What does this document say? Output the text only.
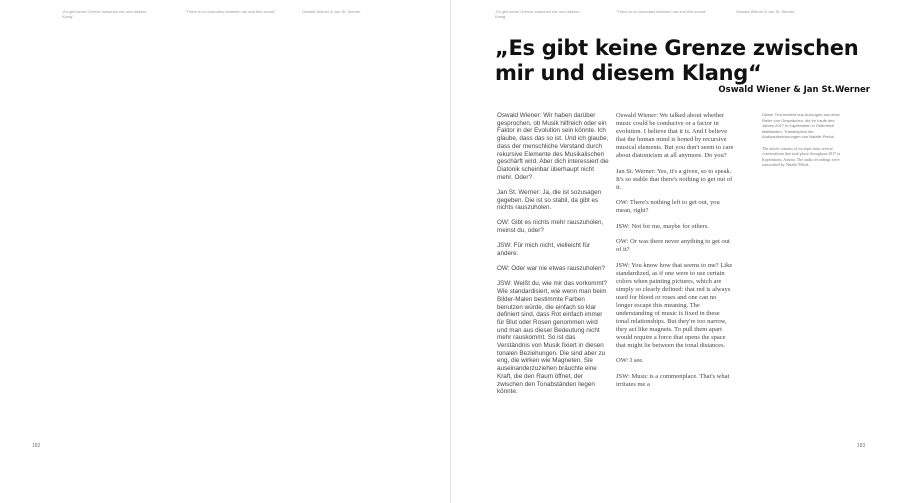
„Es gibt keine Grenze zwischen mir und diesem Klang“
"There is no boundary between me and this sound"	Oswald Wiener & Jan St. Werner
182
„Es gibt keine Grenze zwischen mir und diesem Klang“
"There is no boundary between me and this sound"	Oswald Wiener & Jan St. Werner
183
„Es gibt keine Grenze zwischen
mir und diesem Klang“
Oswald Wiener & Jan St.Werner

Oswald Wiener: Wir haben darüber gesprochen, ob Musik hilfreich oder ein Faktor in der Evolution sein könnte. Ich glaube, dass das so ist. Und ich glaube, dass der menschliche Verstand durch rekursive Elemente des Musikalischen geschärft wird. Aber dich interessiert die Diatonik scheinbar überhaupt nicht mehr. Oder?

Jan St. Werner: Ja, die ist sozusagen gegeben. Die ist so stabil, da gibt es nichts rauszuholen.

OW: Gibt es nichts mehr rauszuholen, meinst du, oder?

JSW: Für mich nicht, vielleicht für andere.

OW: Oder war nie etwas rauszuholen?

JSW: Weißt du, wie mir das vorkommt? Wie standardisiert, wie wenn man beim Bilder-Malen bestimmte Farben benutzen würde, die einfach so klar definiert sind, dass Rot einfach immer für Blut oder Rosen genommen wird und man aus dieser Bedeutung nicht mehr rauskommt. So ist das Verständnis von Musik fixiert in diesen tonalen Beziehungen. Die sind aber zu eng, die wirken wie Magneten. Sie auseinanderzuziehen bräuchte eine Kraft, die den Raum öffnet, der zwischen den Tonabständen liegen könnte.

Oswald Wiener: We talked about whether music could be conducive or a factor in evolution. I believe that it is. And I believe that the human mind is honed by recursive musical elements. But you don't seem to care about diatonicism at all anymore. Do you?

Jan St. Werner: Yes, it's a given, so to speak. It's so stable that there's nothing to get out of it.

OW: There's nothing left to get out, you mean, right?

JSW: Not for me, maybe for others.

OW: Or was there never anything to get out of it?

JSW: You know how that seems to me? Like standardized, as if one were to use certain colors when painting pictures, which are simply so clearly defined: that red is always used for blood or roses and one can no longer escape this meaning. The understanding of music is fixed in these tonal relationships. But they're too narrow, they act like magnets. To pull them apart would require a force that opens the space that might lie between the tonal distances.

OW: I see.

JSW: Music is a commonplace. That's what irritates me a

Dieser Text besteht aus Auszügen aus einer Reihe von Gesprächen, die im Laufe des Jahres 2017 in Kapfenstein in Österreich stattfanden. Transkription der Audioaufzeichnungen von Natalie Pielok.

The article consists of excerpts from several conversations that took place throughout 2017 in Kapfenstein, Austria. The audio recordings were transcribed by Natalie Pielok.
